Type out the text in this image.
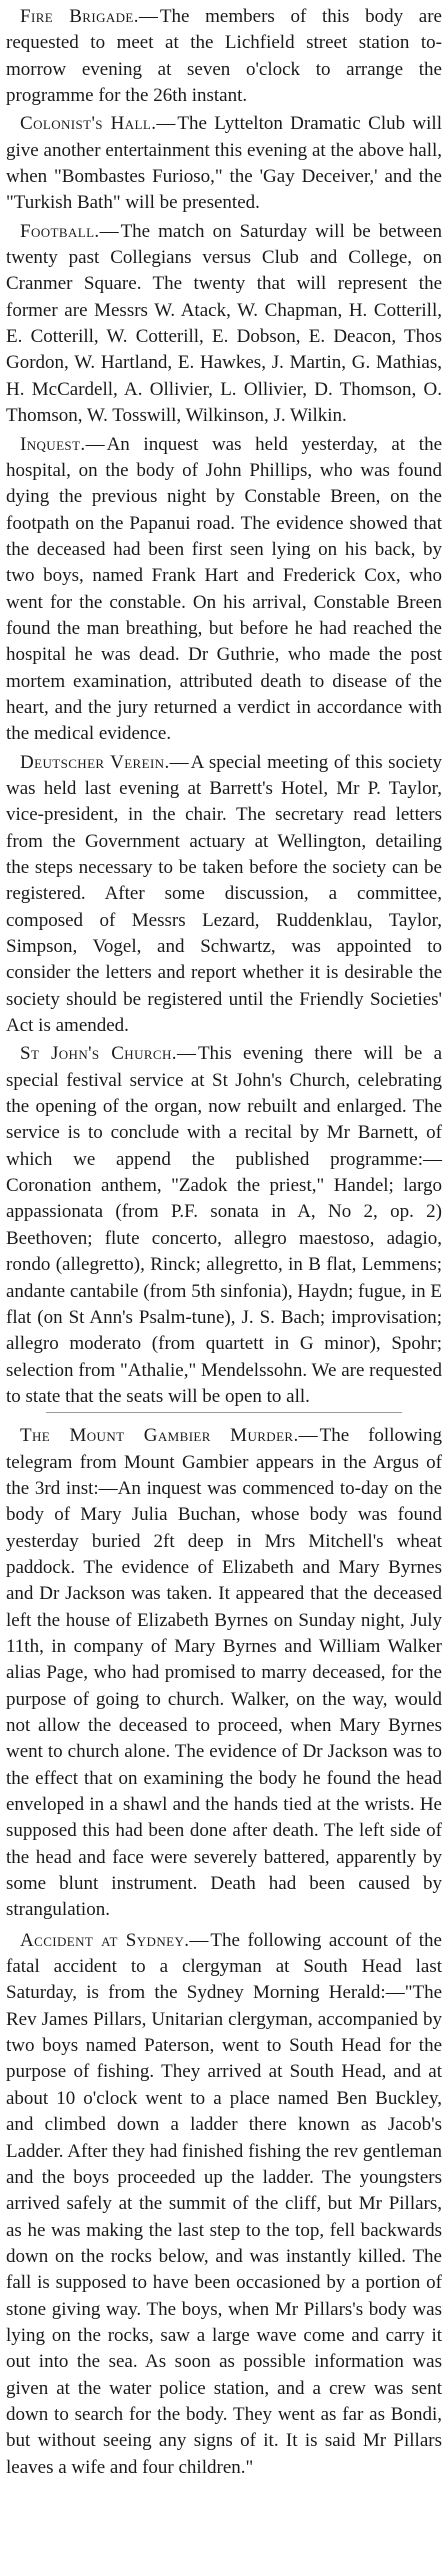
Fire Brigade.— The members of this body are requested to meet at the Lichfield street station to-morrow evening at seven o'clock to arrange the programme for the 26th instant.

Colonist's Hall.— The Lyttelton Dramatic Club will give another entertainment this evening at the above hall, when "Bombastes Furioso," the 'Gay Deceiver,' and the "Turkish Bath" will be presented.

Football.— The match on Saturday will be between twenty past Collegians versus Club and College, on Cranmer Square. The twenty that will represent the former are Messrs W. Atack, W. Chapman, H. Cotterill, E. Cotterill, W. Cotterill, E. Dobson, E. Deacon, Thos Gordon, W. Hartland, E. Hawkes, J. Martin, G. Mathias, H. McCardell, A. Ollivier, L. Ollivier, D. Thomson, O. Thomson, W. Tosswill, Wilkinson, J. Wilkin.

Inquest.— An inquest was held yesterday, at the hospital, on the body of John Phillips, who was found dying the previous night by Constable Breen, on the footpath on the Papanui road. The evidence showed that the deceased had been first seen lying on his back, by two boys, named Frank Hart and Frederick Cox, who went for the constable. On his arrival, Constable Breen found the man breathing, but before he had reached the hospital he was dead. Dr Guthrie, who made the post mortem examination, attributed death to disease of the heart, and the jury returned a verdict in accordance with the medical evidence.

Deutscher Verein.— A special meeting of this society was held last evening at Barrett's Hotel, Mr P. Taylor, vice-president, in the chair. The secretary read letters from the Government actuary at Wellington, detailing the steps necessary to be taken before the society can be registered. After some discussion, a committee, composed of Messrs Lezard, Ruddenklau, Taylor, Simpson, Vogel, and Schwartz, was appointed to consider the letters and report whether it is desirable the society should be registered until the Friendly Societies' Act is amended.

St John's Church.— This evening there will be a special festival service at St John's Church, celebrating the opening of the organ, now rebuilt and enlarged. The service is to conclude with a recital by Mr Barnett, of which we append the published programme:—Coronation anthem, "Zadok the priest," Handel; largo appassionata (from P.F. sonata in A, No 2, op. 2) Beethoven; flute concerto, allegro maestoso, adagio, rondo (allegretto), Rinck; allegretto, in B flat, Lemmens; andante cantabile (from 5th sinfonia), Haydn; fugue, in E flat (on St Ann's Psalm-tune), J. S. Bach; improvisation; allegro moderato (from quartett in G minor), Spohr; selection from "Athalie," Mendelssohn. We are requested to state that the seats will be open to all.

The Mount Gambier Murder.— The following telegram from Mount Gambier appears in the Argus of the 3rd inst:—An inquest was commenced to-day on the body of Mary Julia Buchan, whose body was found yesterday buried 2ft deep in Mrs Mitchell's wheat paddock. The evidence of Elizabeth and Mary Byrnes and Dr Jackson was taken. It appeared that the deceased left the house of Elizabeth Byrnes on Sunday night, July 11th, in company of Mary Byrnes and William Walker alias Page, who had promised to marry deceased, for the purpose of going to church. Walker, on the way, would not allow the deceased to proceed, when Mary Byrnes went to church alone. The evidence of Dr Jackson was to the effect that on examining the body he found the head enveloped in a shawl and the hands tied at the wrists. He supposed this had been done after death. The left side of the head and face were severely battered, apparently by some blunt instrument. Death had been caused by strangulation.

Accident at Sydney.— The following account of the fatal accident to a clergyman at South Head last Saturday, is from the Sydney Morning Herald:—"The Rev James Pillars, Unitarian clergyman, accompanied by two boys named Paterson, went to South Head for the purpose of fishing. They arrived at South Head, and at about 10 o'clock went to a place named Ben Buckley, and climbed down a ladder there known as Jacob's Ladder. After they had finished fishing the rev gentleman and the boys proceeded up the ladder. The youngsters arrived safely at the summit of the cliff, but Mr Pillars, as he was making the last step to the top, fell backwards down on the rocks below, and was instantly killed. The fall is supposed to have been occasioned by a portion of stone giving way. The boys, when Mr Pillars's body was lying on the rocks, saw a large wave come and carry it out into the sea. As soon as possible information was given at the water police station, and a crew was sent down to search for the body. They went as far as Bondi, but without seeing any signs of it. It is said Mr Pillars leaves a wife and four children."
